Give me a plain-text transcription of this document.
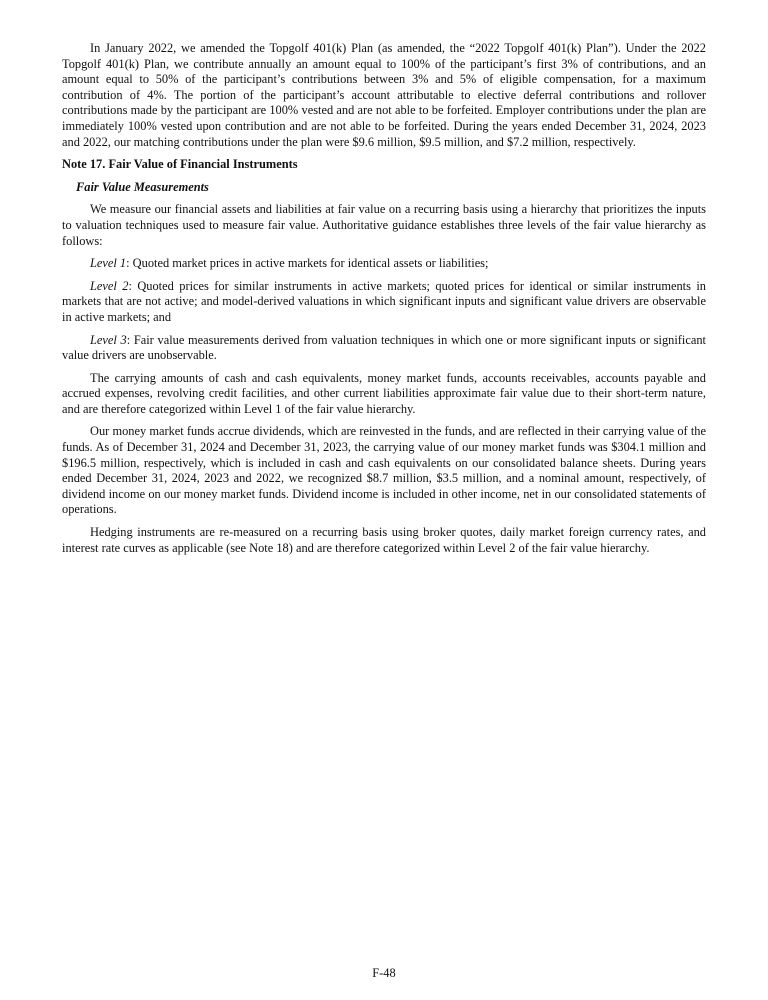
In January 2022, we amended the Topgolf 401(k) Plan (as amended, the “2022 Topgolf 401(k) Plan”). Under the 2022 Topgolf 401(k) Plan, we contribute annually an amount equal to 100% of the participant’s first 3% of contributions, and an amount equal to 50% of the participant’s contributions between 3% and 5% of eligible compensation, for a maximum contribution of 4%. The portion of the participant’s account attributable to elective deferral contributions and rollover contributions made by the participant are 100% vested and are not able to be forfeited. Employer contributions under the plan are immediately 100% vested upon contribution and are not able to be forfeited. During the years ended December 31, 2024, 2023 and 2022, our matching contributions under the plan were $9.6 million, $9.5 million, and $7.2 million, respectively.

Note 17. Fair Value of Financial Instruments
Fair Value Measurements

We measure our financial assets and liabilities at fair value on a recurring basis using a hierarchy that prioritizes the inputs to valuation techniques used to measure fair value. Authoritative guidance establishes three levels of the fair value hierarchy as follows:

Level 1: Quoted market prices in active markets for identical assets or liabilities;

Level 2: Quoted prices for similar instruments in active markets; quoted prices for identical or similar instruments in markets that are not active; and model-derived valuations in which significant inputs and significant value drivers are observable in active markets; and

Level 3: Fair value measurements derived from valuation techniques in which one or more significant inputs or significant value drivers are unobservable.

The carrying amounts of cash and cash equivalents, money market funds, accounts receivables, accounts payable and accrued expenses, revolving credit facilities, and other current liabilities approximate fair value due to their short-term nature, and are therefore categorized within Level 1 of the fair value hierarchy.

Our money market funds accrue dividends, which are reinvested in the funds, and are reflected in their carrying value of the funds. As of December 31, 2024 and December 31, 2023, the carrying value of our money market funds was $304.1 million and $196.5 million, respectively, which is included in cash and cash equivalents on our consolidated balance sheets. During years ended December 31, 2024, 2023 and 2022, we recognized $8.7 million, $3.5 million, and a nominal amount, respectively, of dividend income on our money market funds. Dividend income is included in other income, net in our consolidated statements of operations.

Hedging instruments are re-measured on a recurring basis using broker quotes, daily market foreign currency rates, and interest rate curves as applicable (see Note 18) and are therefore categorized within Level 2 of the fair value hierarchy.

F-48
